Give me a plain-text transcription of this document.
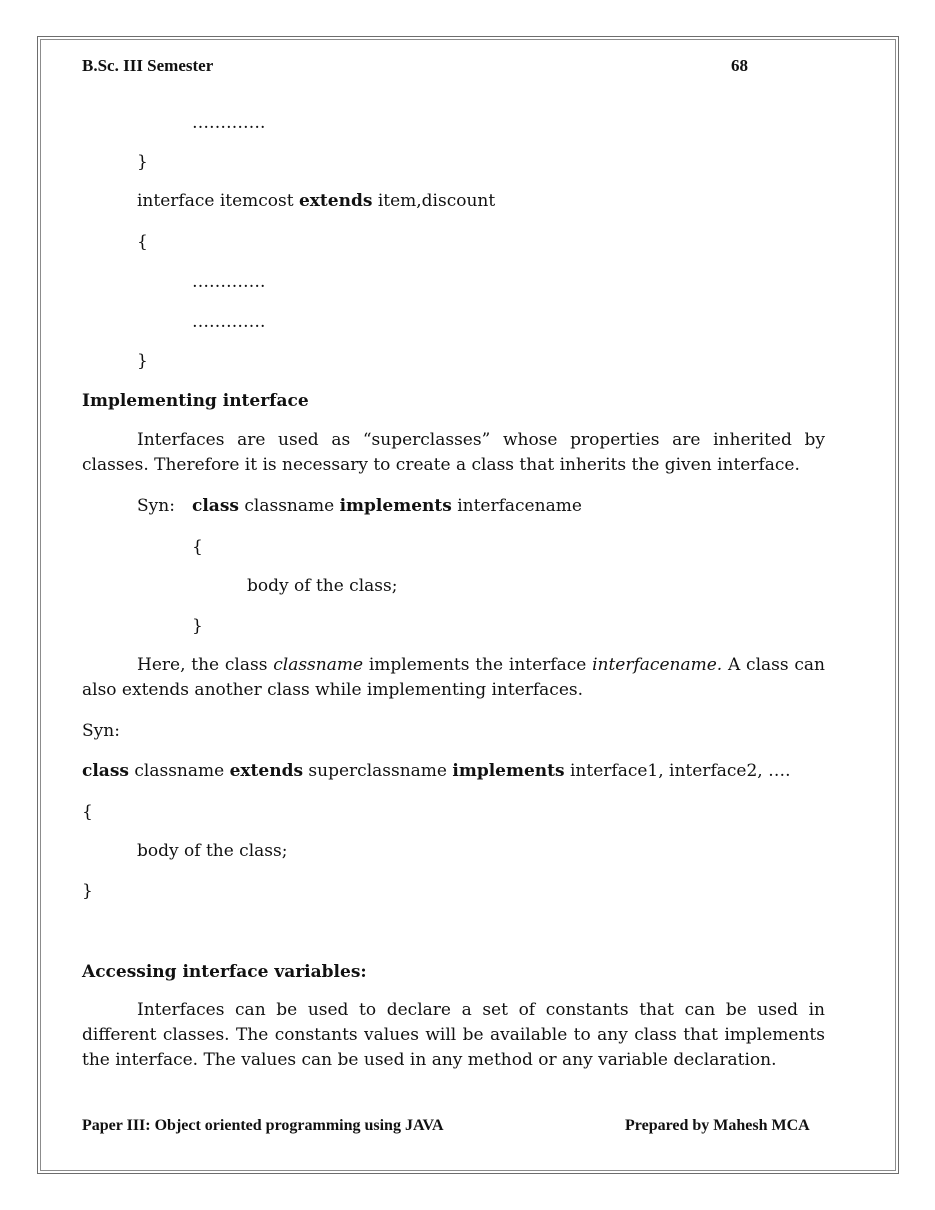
B.Sc. III Semester	68
………….
}
interface itemcost extends item,discount
{
………….
………….
}
Implementing interface
Interfaces are used as “superclasses” whose properties are inherited by classes. Therefore it is necessary to create a class that inherits the given interface.
Syn: class classname implements interfacename
{
body of the class;
}
Here, the class classname implements the interface interfacename. A class can also extends another class while implementing interfaces.
Syn:
class classname extends superclassname implements interface1, interface2, ….
{
body of the class;
}
Accessing interface variables:
Interfaces can be used to declare a set of constants that can be used in different classes. The constants values will be available to any class that implements the interface. The values can be used in any method or any variable declaration.
Paper III: Object oriented programming using JAVA	Prepared by Mahesh MCA
